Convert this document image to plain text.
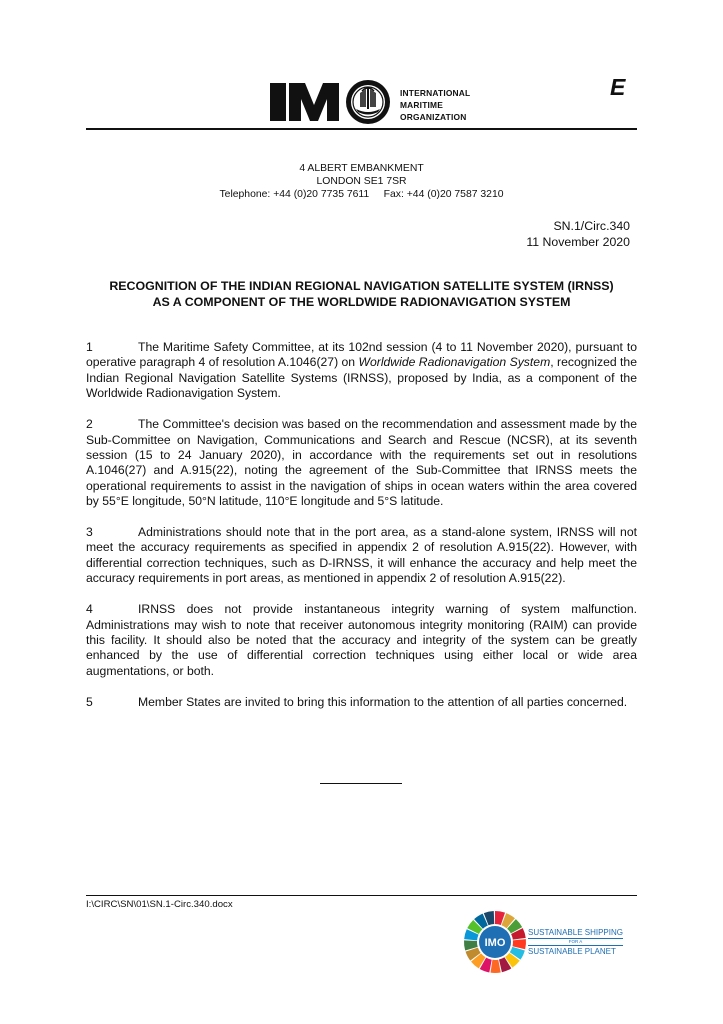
INTERNATIONAL
MARITIME
ORGANIZATION
E
4 ALBERT EMBANKMENT
LONDON SE1 7SR
Telephone: +44 (0)20 7735 7611 Fax: +44 (0)20 7587 3210
SN.1/Circ.340
11 November 2020
RECOGNITION OF THE INDIAN REGIONAL NAVIGATION SATELLITE SYSTEM (IRNSS)
AS A COMPONENT OF THE WORLDWIDE RADIONAVIGATION SYSTEM

1	The Maritime Safety Committee, at its 102nd session (4 to 11 November 2020), pursuant to operative paragraph 4 of resolution A.1046(27) on Worldwide Radionavigation System, recognized the Indian Regional Navigation Satellite Systems (IRNSS), proposed by India, as a component of the Worldwide Radionavigation System.

2	The Committee's decision was based on the recommendation and assessment made by the Sub-Committee on Navigation, Communications and Search and Rescue (NCSR), at its seventh session (15 to 24 January 2020), in accordance with the requirements set out in resolutions A.1046(27) and A.915(22), noting the agreement of the Sub-Committee that IRNSS meets the operational requirements to assist in the navigation of ships in ocean waters within the area covered by 55°E longitude, 50°N latitude, 110°E longitude and 5°S latitude.

3	Administrations should note that in the port area, as a stand-alone system, IRNSS will not meet the accuracy requirements as specified in appendix 2 of resolution A.915(22). However, with differential correction techniques, such as D-IRNSS, it will enhance the accuracy and help meet the accuracy requirements in port areas, as mentioned in appendix 2 of resolution A.915(22).

4	IRNSS does not provide instantaneous integrity warning of system malfunction. Administrations may wish to note that receiver autonomous integrity monitoring (RAIM) can provide this facility. It should also be noted that the accuracy and integrity of the system can be greatly enhanced by the use of differential correction techniques using either local or wide area augmentations, or both.

5	Member States are invited to bring this information to the attention of all parties concerned.

I:\CIRC\SN\01\SN.1-Circ.340.docx
IMO
SUSTAINABLE SHIPPING
FOR A
SUSTAINABLE PLANET
